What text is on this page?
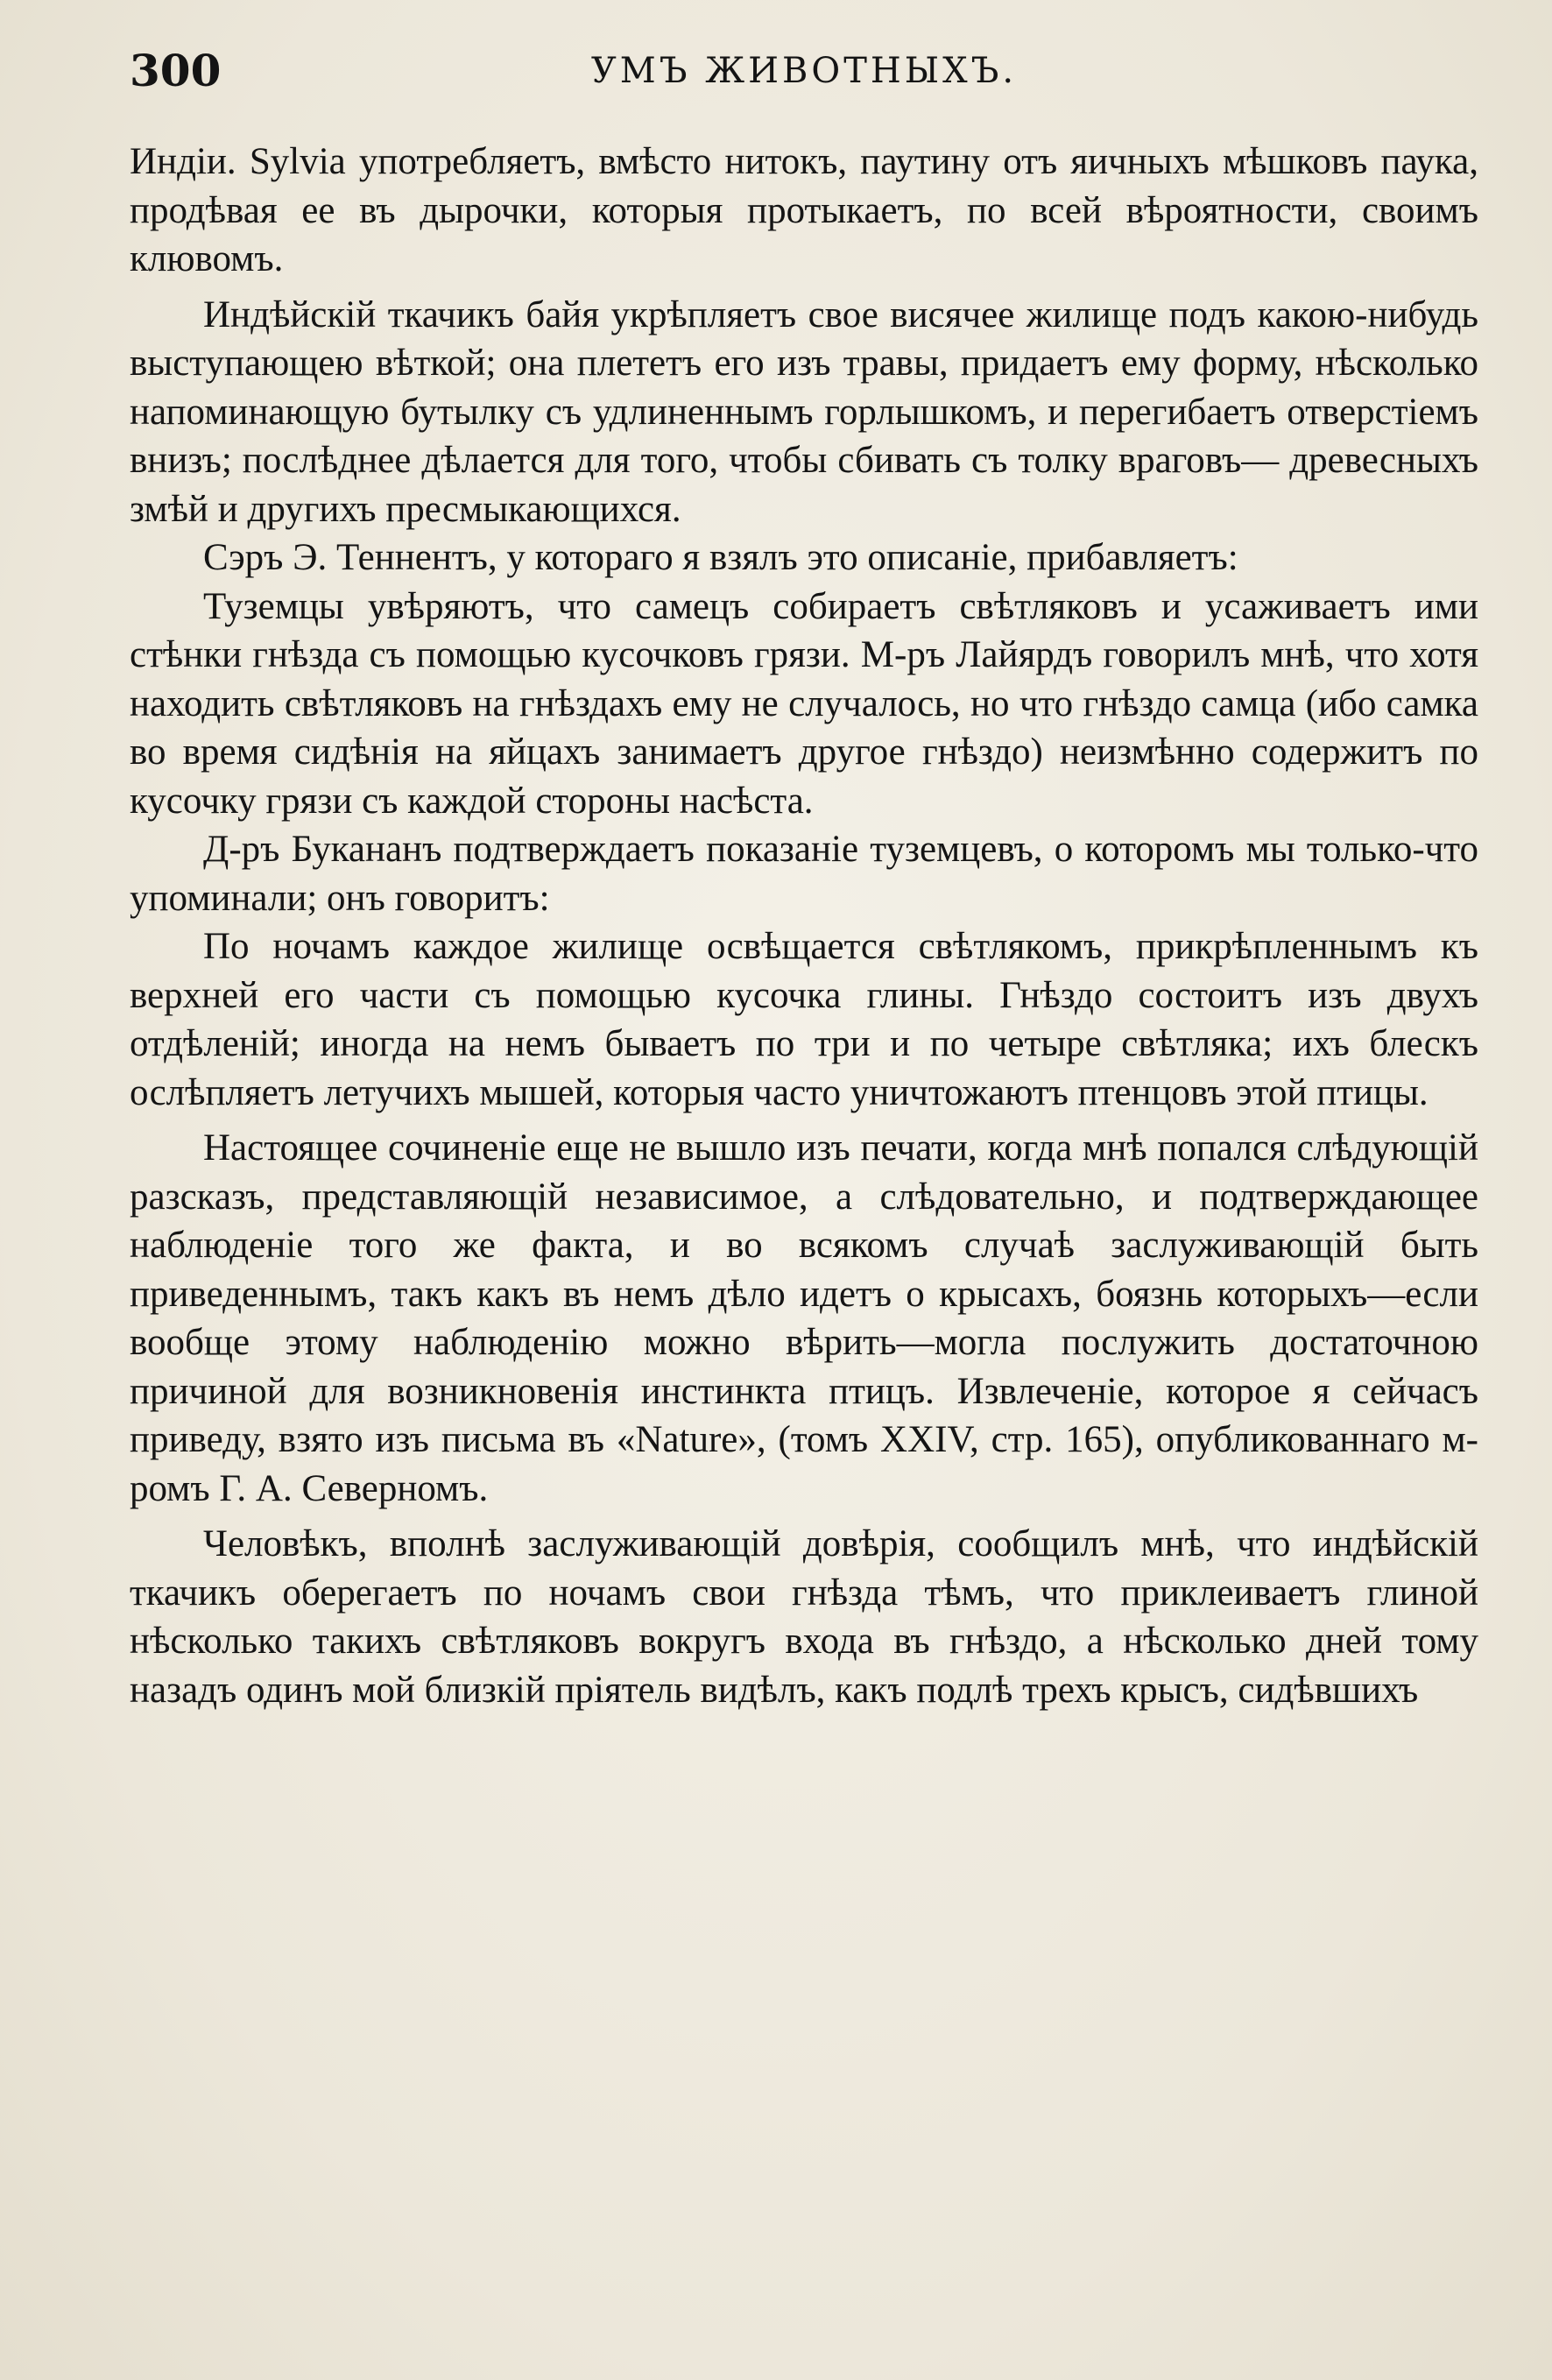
300	УМЪ ЖИВОТНЫХЪ.

Индіи. Sylvia употребляетъ, вмѣсто нитокъ, паутину отъ яичныхъ мѣшковъ паука, продѣвая ее въ дырочки, которыя протыкаетъ, по всей вѣроятности, своимъ клювомъ.

Индѣйскій ткачикъ байя укрѣпляетъ свое висячее жилище подъ какою-нибудь выступающею вѣткой; она плететъ его изъ травы, придаетъ ему форму, нѣсколько напоминающую бутылку съ удлиненнымъ горлышкомъ, и перегибаетъ отверстіемъ внизъ; послѣднее дѣлается для того, чтобы сбивать съ толку враговъ— древесныхъ змѣй и другихъ пресмыкающихся.

Сэръ Э. Теннентъ, у котораго я взялъ это описаніе, прибавляетъ:

Туземцы увѣряютъ, что самецъ собираетъ свѣтляковъ и усаживаетъ ими стѣнки гнѣзда съ помощью кусочковъ грязи. М-ръ Лайярдъ говорилъ мнѣ, что хотя находить свѣтляковъ на гнѣздахъ ему не случалось, но что гнѣздо самца (ибо самка во время сидѣнія на яйцахъ занимаетъ другое гнѣздо) неизмѣнно содержитъ по кусочку грязи съ каждой стороны насѣста.

Д-ръ Букананъ подтверждаетъ показаніе туземцевъ, о которомъ мы только-что упоминали; онъ говоритъ:

По ночамъ каждое жилище освѣщается свѣтлякомъ, прикрѣпленнымъ къ верхней его части съ помощью кусочка глины. Гнѣздо состоитъ изъ двухъ отдѣленій; иногда на немъ бываетъ по три и по четыре свѣтляка; ихъ блескъ ослѣпляетъ летучихъ мышей, которыя часто уничтожаютъ птенцовъ этой птицы.

Настоящее сочиненіе еще не вышло изъ печати, когда мнѣ попался слѣдующій разсказъ, представляющій независимое, а слѣдовательно, и подтверждающее наблюденіе того же факта, и во всякомъ случаѣ заслуживающій быть приведеннымъ, такъ какъ въ немъ дѣло идетъ о крысахъ, боязнь которыхъ—если вообще этому наблюденію можно вѣрить—могла послужить достаточною причиной для возникновенія инстинкта птицъ. Извлеченіе, которое я сейчасъ приведу, взято изъ письма въ «Nature», (томъ XXIV, стр. 165), опубликованнаго м-ромъ Г. А. Северномъ.

Человѣкъ, вполнѣ заслуживающій довѣрія, сообщилъ мнѣ, что индѣйскій ткачикъ оберегаетъ по ночамъ свои гнѣзда тѣмъ, что приклеиваетъ глиной нѣсколько такихъ свѣтляковъ вокругъ входа въ гнѣздо, а нѣсколько дней тому назадъ одинъ мой близкій пріятель видѣлъ, какъ подлѣ трехъ крысъ, сидѣвшихъ
